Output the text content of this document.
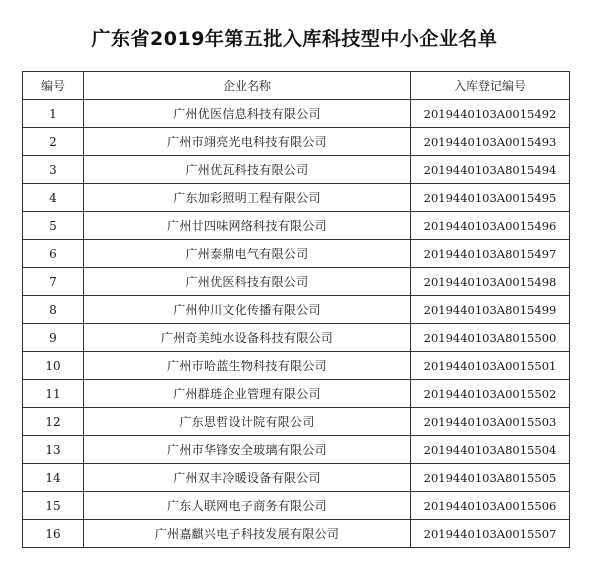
广东省2019年第五批入库科技型中小企业名单
编号	企业名称	入库登记编号
1	广州优医信息科技有限公司	2019440103A0015492
2	广州市翊亮光电科技有限公司	2019440103A0015493
3	广州优瓦科技有限公司	2019440103A8015494
4	广东加彩照明工程有限公司	2019440103A0015495
5	广州廿四味网络科技有限公司	2019440103A0015496
6	广州泰鼎电气有限公司	2019440103A8015497
7	广州优医科技有限公司	2019440103A0015498
8	广州仲川文化传播有限公司	2019440103A8015499
9	广州奇美纯水设备科技有限公司	2019440103A8015500
10	广州市哈蓝生物科技有限公司	2019440103A0015501
11	广州群琏企业管理有限公司	2019440103A0015502
12	广东思哲设计院有限公司	2019440103A0015503
13	广州市华锋安全玻璃有限公司	2019440103A8015504
14	广州双丰冷暖设备有限公司	2019440103A8015505
15	广东人联网电子商务有限公司	2019440103A0015506
16	广州嘉麒兴电子科技发展有限公司	2019440103A0015507
